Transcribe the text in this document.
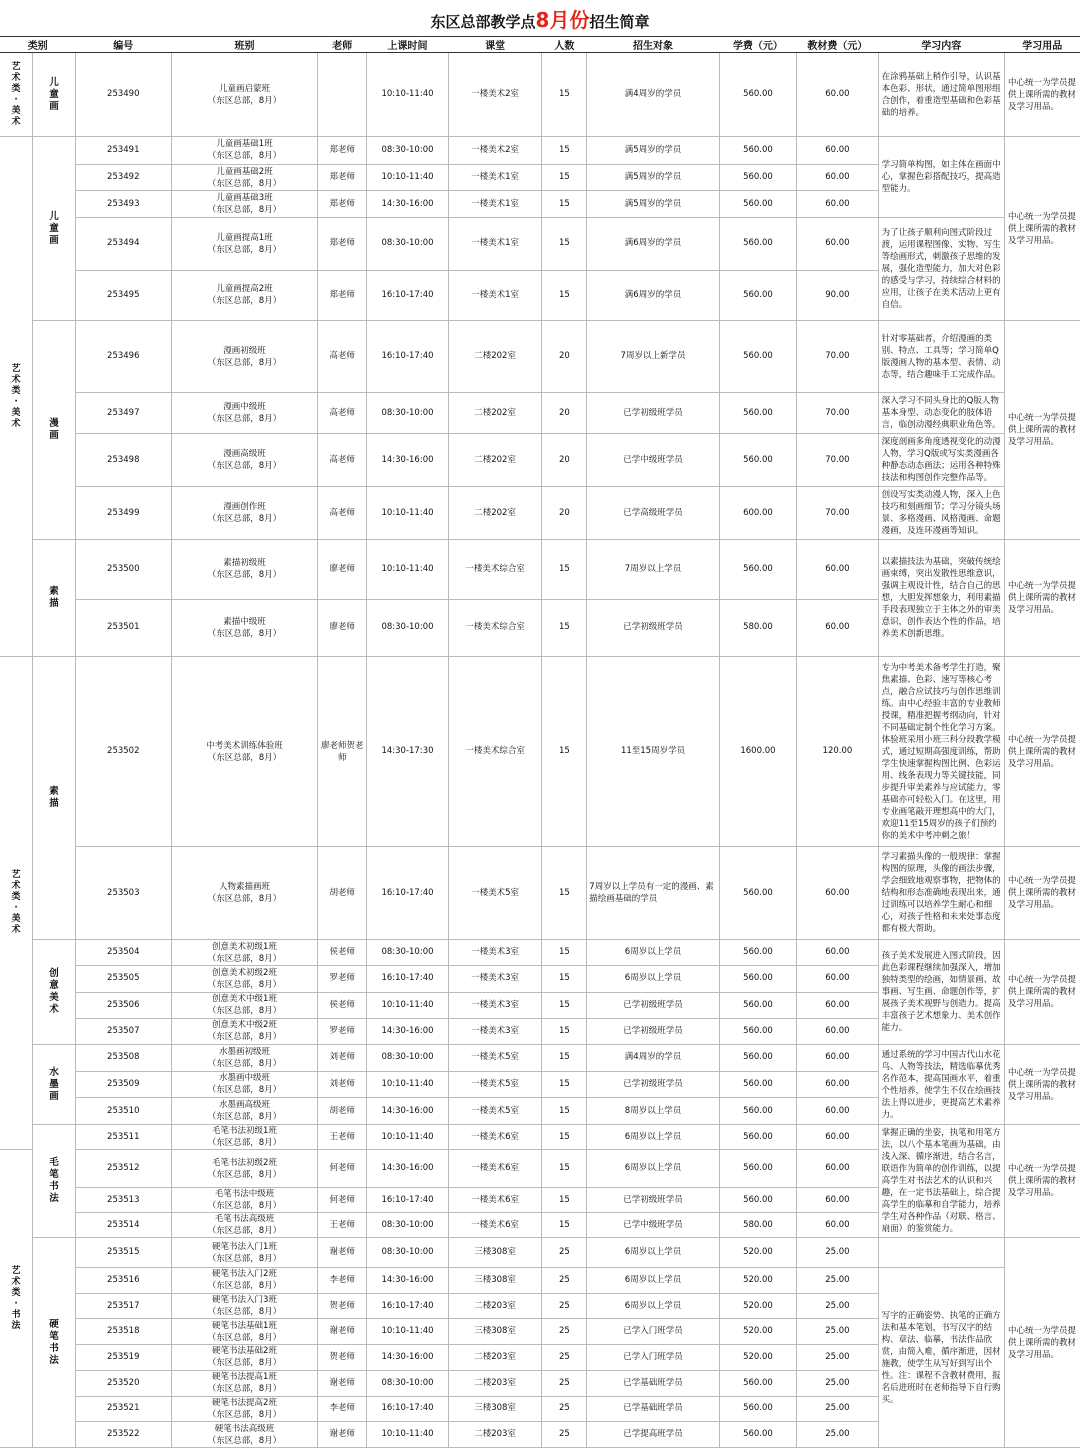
东区总部教学点8月份招生简章
类别		编号	班别	老师	上课时间	课堂	人数	招生对象	学费（元）	教材费（元）	学习内容	学习用品
艺术类·美术	儿童画	253490	儿童画启蒙班
（东区总部，8月）		10:10-11:40	一楼美术2室	15	满4周岁的学员	560.00	60.00	在涂鸦基础上稍作引导，认识基本色彩、形状，通过简单图形组合创作，着重造型基础和色彩基础的培养。	中心统一为学员提供上课所需的教材及学习用品。
艺术类·美术	儿童画	253491	儿童画基础1班
（东区总部，8月）	郑老师	08:30-10:00	一楼美术2室	15	满5周岁的学员	560.00	60.00	学习简单构图，如主体在画面中心，掌握色彩搭配技巧，提高造型能力。	中心统一为学员提供上课所需的教材及学习用品。
		253492	儿童画基础2班
（东区总部，8月）	郑老师	10:10-11:40	一楼美术1室	15	满5周岁的学员	560.00	60.00		
		253493	儿童画基础3班
（东区总部，8月）	郑老师	14:30-16:00	一楼美术1室	15	满5周岁的学员	560.00	60.00		
		253494	儿童画提高1班
（东区总部，8月）	郑老师	08:30-10:00	一楼美术1室	15	满6周岁的学员	560.00	60.00	为了让孩子顺利向图式阶段过渡，运用课程图像、实物、写生等绘画形式，刺激孩子思维的发展，强化造型能力，加大对色彩的感受与学习，持续综合材料的应用，让孩子在美术活动上更有自信。	
		253495	儿童画提高2班
（东区总部，8月）	郑老师	16:10-17:40	一楼美术1室	15	满6周岁的学员	560.00	90.00		
	漫画	253496	漫画初级班
（东区总部，8月）	高老师	16:10-17:40	二楼202室	20	7周岁以上新学员	560.00	70.00	针对零基础者，介绍漫画的类别、特点、工具等；学习简单Q版漫画人物的基本型、表情、动态等，结合趣味手工完成作品。	中心统一为学员提供上课所需的教材及学习用品。
		253497	漫画中级班
（东区总部，8月）	高老师	08:30-10:00	二楼202室	20	已学初级班学员	560.00	70.00	深入学习不同头身比的Q版人物基本身型、动态变化的肢体语言，临创动漫经典职业角色等。	
		253498	漫画高级班
（东区总部，8月）	高老师	14:30-16:00	二楼202室	20	已学中级班学员	560.00	70.00	深度剖画多角度透视变化的动漫人物，学习Q版或写实类漫画各种静态动态画法；运用各种特殊技法和构图创作完整作品等。	
		253499	漫画创作班
（东区总部，8月）	高老师	10:10-11:40	二楼202室	20	已学高级班学员	600.00	70.00	创设写实类动漫人物，深入上色技巧和刻画细节；学习分镜头场景、多格漫画、风格漫画、命题漫画，及连环漫画等知识。	
	素描	253500	素描初级班
（东区总部，8月）	廖老师	10:10-11:40	一楼美术综合室	15	7周岁以上学员	560.00	60.00	以素描技法为基础，突破传统绘画束缚，突出发散性思维意识，强调主观设计性，结合自己的思想，大胆发挥想象力，利用素描手段表现独立于主体之外的审美意识，创作表达个性的作品，培养美术创新思维。	中心统一为学员提供上课所需的教材及学习用品。
		253501	素描中级班
（东区总部，8月）	廖老师	08:30-10:00	一楼美术综合室	15	已学初级班学员	580.00	60.00		
艺术类·美术	素描	253502	中考美术训练体验班
（东区总部，8月）	廖老师贺老师	14:30-17:30	一楼美术综合室	15	11至15周岁学员	1600.00	120.00	专为中考美术备考学生打造，聚焦素描、色彩、速写等核心考点，融合应试技巧与创作思维训练。由中心经验丰富的专业教师授课，精准把握考纲动向，针对不同基础定制个性化学习方案。体验班采用小班三科分段教学模式，通过短期高强度训练，帮助学生快速掌握构图比例、色彩运用、线条表现力等关键技能，同步提升审美素养与应试能力，零基础亦可轻松入门。在这里，用专业画笔敲开理想高中的大门，欢迎11至15周岁的孩子们预约你的美术中考冲刺之旅！	中心统一为学员提供上课所需的教材及学习用品。
		253503	人物素描画班
（东区总部，8月）	胡老师	16:10-17:40	一楼美术5室	15	7周岁以上学员有一定的漫画、素描绘画基础的学员	560.00	60.00	学习素描头像的一般规律：掌握构图的原理，头像的画法步骤，学会细致地观察事物，把物体的结构和形态准确地表现出来，通过训练可以培养学生耐心和细心，对孩子性格和未来处事态度都有极大帮助。	中心统一为学员提供上课所需的教材及学习用品。
	创意美术	253504	创意美术初级1班
（东区总部，8月）	侯老师	08:30-10:00	一楼美术3室	15	6周岁以上学员	560.00	60.00	孩子美术发展进入图式阶段，因此色彩课程继续加强深入，增加独特类型的绘画，如情景画、故事画、写生画、命题创作等，扩展孩子美术视野与创造力。提高丰富孩子艺术想象力、美术创作能力。	中心统一为学员提供上课所需的教材及学习用品。
		253505	创意美术初级2班
（东区总部，8月）	罗老师	16:10-17:40	一楼美术3室	15	6周岁以上学员	560.00	60.00		
		253506	创意美术中级1班
（东区总部，8月）	侯老师	10:10-11:40	一楼美术3室	15	已学初级班学员	560.00	60.00		
		253507	创意美术中级2班
（东区总部，8月）	罗老师	14:30-16:00	一楼美术3室	15	已学初级班学员	560.00	60.00		
	水墨画	253508	水墨画初级班
（东区总部，8月）	刘老师	08:30-10:00	一楼美术5室	15	满4周岁的学员	560.00	60.00	通过系统的学习中国古代山水花鸟、人物等技法，精选临摹优秀名作范本，提高国画水平，着重个性培养，使学生不仅在绘画技法上得以进步，更提高艺术素养力。	中心统一为学员提供上课所需的教材及学习用品。
		253509	水墨画中级班
（东区总部，8月）	刘老师	10:10-11:40	一楼美术5室	15	已学初级班学员	560.00	60.00		
		253510	水墨画高级班
（东区总部，8月）	胡老师	14:30-16:00	一楼美术5室	15	8周岁以上学员	560.00	60.00		
	毛笔书法	253511	毛笔书法初级1班
（东区总部，8月）	王老师	10:10-11:40	一楼美术6室	15	6周岁以上学员	560.00	60.00	掌握正确的坐姿，执笔和用笔方法，以八个基本笔画为基础，由浅入深、循序渐进，结合名言，联语作为简单的创作训练，以提高学生对书法艺术的认识和兴趣，在一定书法基础上，综合提高学生的临摹和自学能力，培养学生对各种作品（对联、格言、扇面）的鉴赏能力。	中心统一为学员提供上课所需的教材及学习用品。
艺术类·书法		253512	毛笔书法初级2班
（东区总部，8月）	何老师	14:30-16:00	一楼美术6室	15	6周岁以上学员	560.00	60.00		
		253513	毛笔书法中级班
（东区总部，8月）	何老师	16:10-17:40	一楼美术6室	15	已学初级班学员	560.00	60.00		
		253514	毛笔书法高级班
（东区总部，8月）	王老师	08:30-10:00	一楼美术6室	15	已学中级班学员	580.00	60.00		
	硬笔书法	253515	硬笔书法入门1班
（东区总部，8月）	谢老师	08:30-10:00	三楼308室	25	6周岁以上学员	520.00	25.00		中心统一为学员提供上课所需的教材及学习用品。
		253516	硬笔书法入门2班
（东区总部，8月）	李老师	14:30-16:00	三楼308室	25	6周岁以上学员	520.00	25.00	写字的正确姿势、执笔的正确方法和基本笔划，书写汉字的结构、章法、临摹，书法作品欣赏，由简入难，循序渐进，因材施教，使学生从写好到写出个性。注：课程不含教材费用，报名后进班时在老师指导下自行购买。	
		253517	硬笔书法入门3班
（东区总部，8月）	贺老师	16:10-17:40	二楼203室	25	6周岁以上学员	520.00	25.00		
		253518	硬笔书法基础1班
（东区总部，8月）	谢老师	10:10-11:40	三楼308室	25	已学入门班学员	520.00	25.00		
		253519	硬笔书法基础2班
（东区总部，8月）	贺老师	14:30-16:00	二楼203室	25	已学入门班学员	520.00	25.00		
		253520	硬笔书法提高1班
（东区总部，8月）	谢老师	08:30-10:00	二楼203室	25	已学基础班学员	560.00	25.00		
		253521	硬笔书法提高2班
（东区总部，8月）	李老师	16:10-17:40	三楼308室	25	已学基础班学员	560.00	25.00		
		253522	硬笔书法高级班
（东区总部，8月）	谢老师	10:10-11:40	二楼203室	25	已学提高班学员	560.00	25.00		
